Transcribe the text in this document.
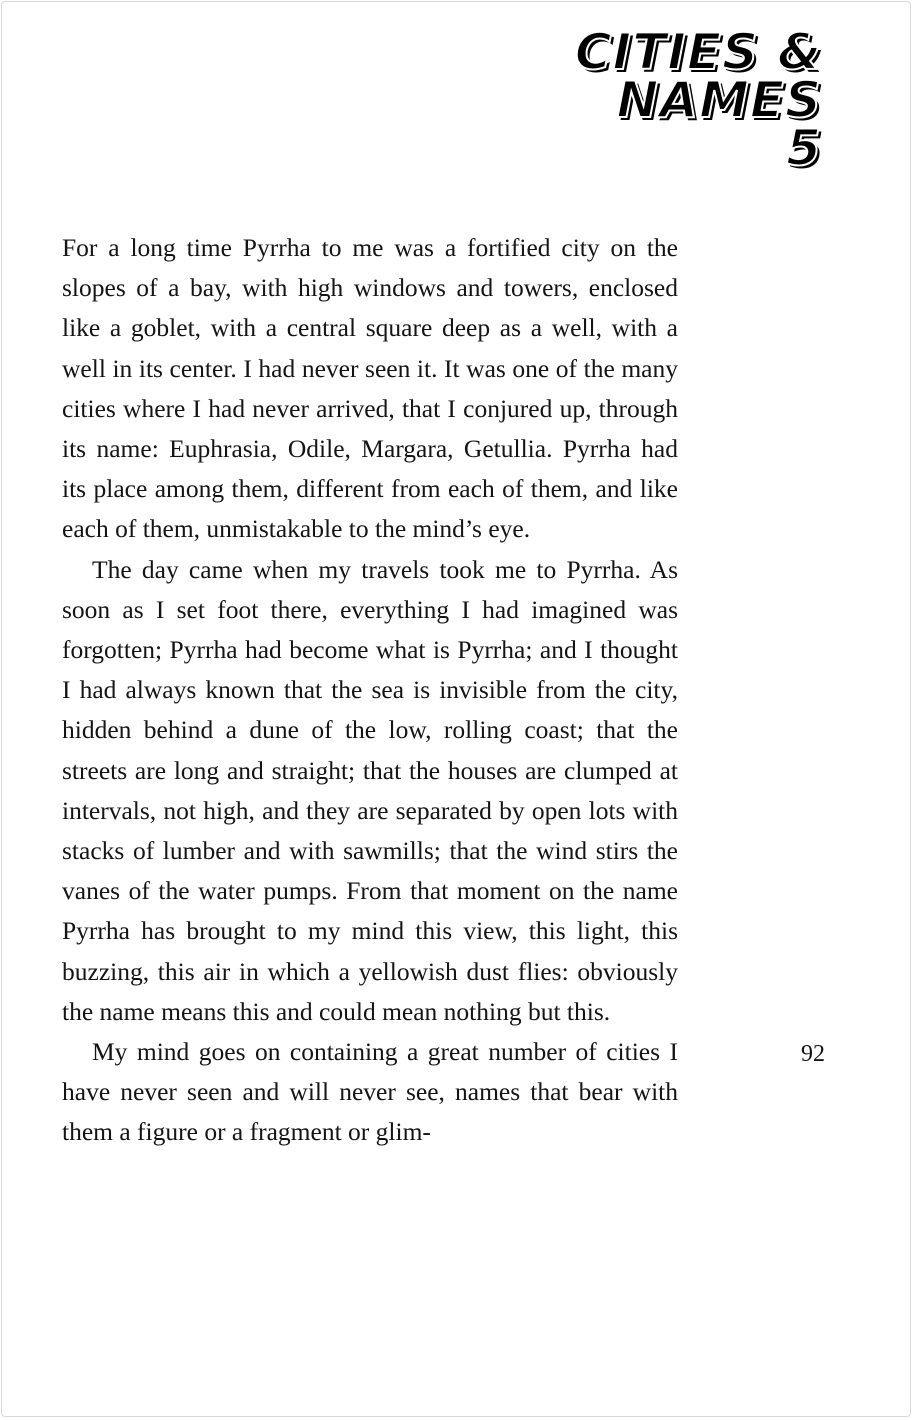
CITIES &
NAMES
5

For a long time Pyrrha to me was a fortified city on the slopes of a bay, with high windows and towers, enclosed like a goblet, with a central square deep as a well, with a well in its center. I had never seen it. It was one of the many cities where I had never arrived, that I conjured up, through its name: Euphrasia, Odile, Margara, Getullia. Pyrrha had its place among them, different from each of them, and like each of them, unmistakable to the mind’s eye.

The day came when my travels took me to Pyrrha. As soon as I set foot there, everything I had imagined was forgotten; Pyrrha had become what is Pyrrha; and I thought I had always known that the sea is invisible from the city, hidden behind a dune of the low, rolling coast; that the streets are long and straight; that the houses are clumped at intervals, not high, and they are separated by open lots with stacks of lumber and with sawmills; that the wind stirs the vanes of the water pumps. From that moment on the name Pyrrha has brought to my mind this view, this light, this buzzing, this air in which a yellowish dust flies: obviously the name means this and could mean nothing but this.

My mind goes on containing a great number of cities I have never seen and will never see, names that bear with them a figure or a fragment or glim-

92
